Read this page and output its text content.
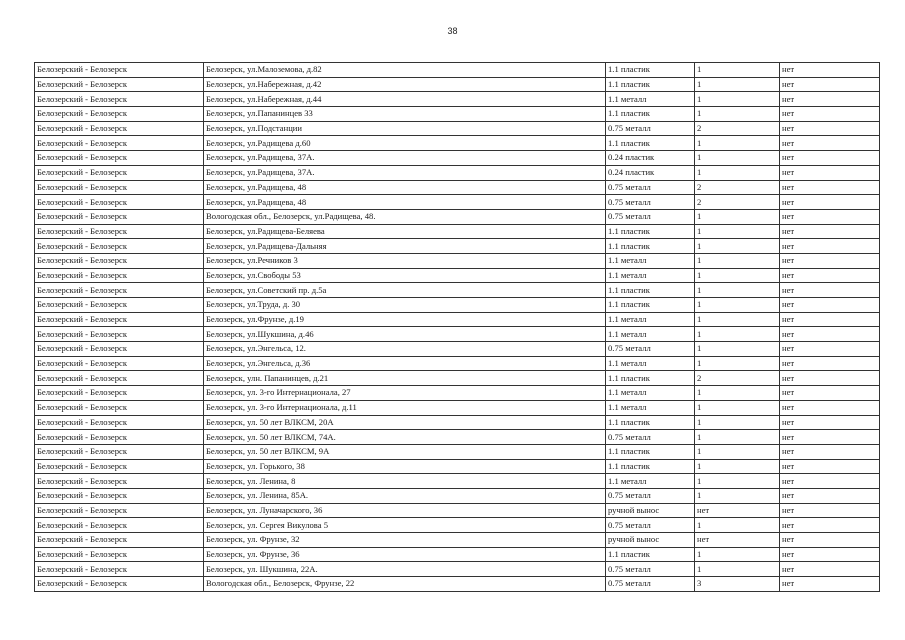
38
Белозерский - Белозерск	Белозерск, ул.Малоземова, д.82	1.1 пластик	1	нет
Белозерский - Белозерск	Белозерск, ул.Набережная, д.42	1.1 пластик	1	нет
Белозерский - Белозерск	Белозерск, ул.Набережная, д.44	1.1 металл	1	нет
Белозерский - Белозерск	Белозерск, ул.Папанинцев 33	1.1 пластик	1	нет
Белозерский - Белозерск	Белозерск, ул.Подстанции	0.75 металл	2	нет
Белозерский - Белозерск	Белозерск, ул.Радищева д.60	1.1 пластик	1	нет
Белозерский - Белозерск	Белозерск, ул.Радищева, 37А.	0.24 пластик	1	нет
Белозерский - Белозерск	Белозерск, ул.Радищева, 37А.	0.24 пластик	1	нет
Белозерский - Белозерск	Белозерск, ул.Радищева, 48	0.75 металл	2	нет
Белозерский - Белозерск	Белозерск, ул.Радищева, 48	0.75 металл	2	нет
Белозерский - Белозерск	Вологодская обл., Белозерск, ул.Радищева, 48.	0.75 металл	1	нет
Белозерский - Белозерск	Белозерск, ул.Радищева-Беляева	1.1 пластик	1	нет
Белозерский - Белозерск	Белозерск, ул.Радищева-Дальняя	1.1 пластик	1	нет
Белозерский - Белозерск	Белозерск, ул.Речников 3	1.1 металл	1	нет
Белозерский - Белозерск	Белозерск, ул.Свободы 53	1.1 металл	1	нет
Белозерский - Белозерск	Белозерск, ул.Советский пр. д.5а	1.1 пластик	1	нет
Белозерский - Белозерск	Белозерск, ул.Труда, д. 30	1.1 пластик	1	нет
Белозерский - Белозерск	Белозерск, ул.Фрунзе, д.19	1.1 металл	1	нет
Белозерский - Белозерск	Белозерск, ул.Шукшина, д.46	1.1 металл	1	нет
Белозерский - Белозерск	Белозерск, ул.Энгельса, 12.	0.75 металл	1	нет
Белозерский - Белозерск	Белозерск, ул.Энгельса, д.36	1.1 металл	1	нет
Белозерский - Белозерск	Белозерск, улн. Папанинцев, д.21	1.1 пластик	2	нет
Белозерский - Белозерск	Белозерск, ул. 3-го Интернационала, 27	1.1 металл	1	нет
Белозерский - Белозерск	Белозерск, ул. 3-го Интернационала, д.11	1.1 металл	1	нет
Белозерский - Белозерск	Белозерск, ул. 50 лет ВЛКСМ, 20А	1.1 пластик	1	нет
Белозерский - Белозерск	Белозерск, ул. 50 лет ВЛКСМ, 74А.	0.75 металл	1	нет
Белозерский - Белозерск	Белозерск, ул. 50 лет ВЛКСМ, 9А	1.1 пластик	1	нет
Белозерский - Белозерск	Белозерск, ул. Горького, 38	1.1 пластик	1	нет
Белозерский - Белозерск	Белозерск, ул. Ленина, 8	1.1 металл	1	нет
Белозерский - Белозерск	Белозерск, ул. Ленина, 85А.	0.75 металл	1	нет
Белозерский - Белозерск	Белозерск, ул. Луначарского, 36	ручной вынос	нет	нет
Белозерский - Белозерск	Белозерск, ул. Сергея Викулова 5	0.75 металл	1	нет
Белозерский - Белозерск	Белозерск, ул. Фрунзе, 32	ручной вынос	нет	нет
Белозерский - Белозерск	Белозерск, ул. Фрунзе, 36	1.1 пластик	1	нет
Белозерский - Белозерск	Белозерск, ул. Шукшина, 22А.	0.75 металл	1	нет
Белозерский - Белозерск	Вологодская обл., Белозерск, Фрунзе, 22	0.75 металл	3	нет
